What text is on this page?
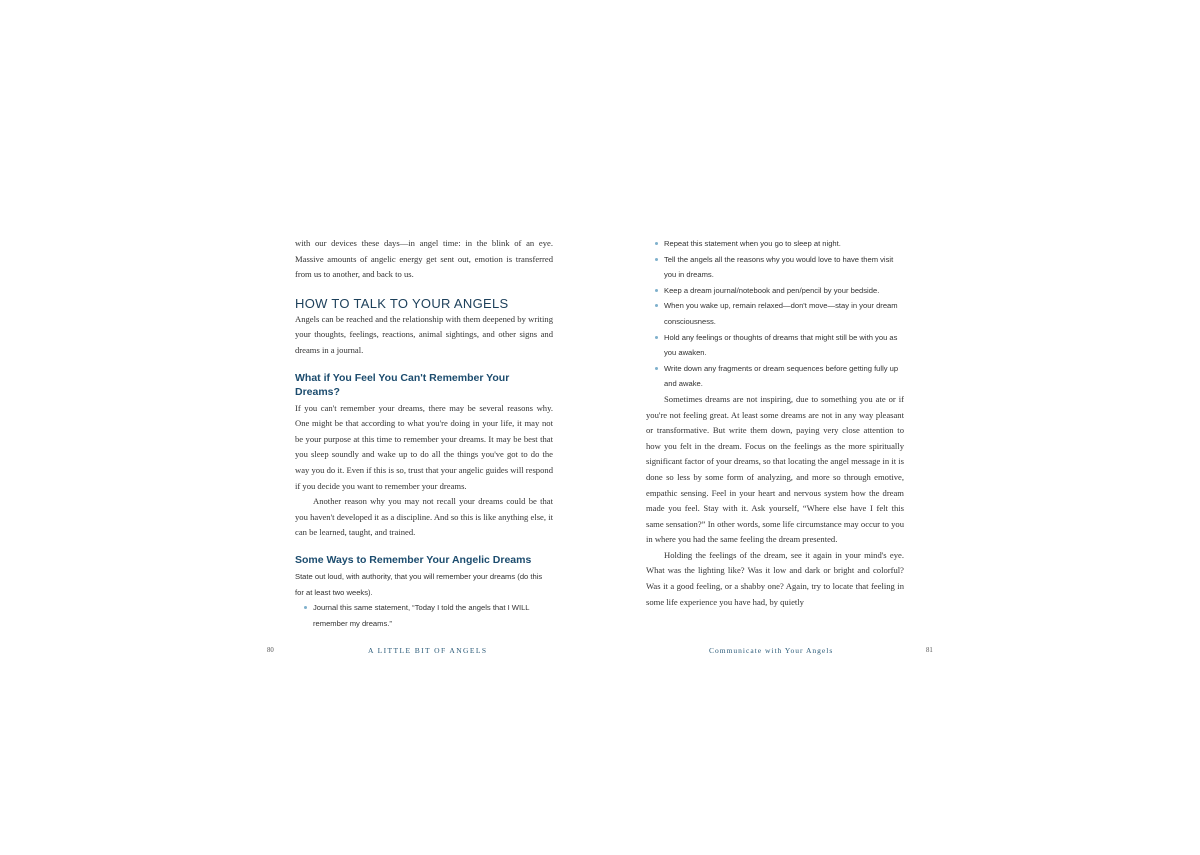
with our devices these days—in angel time: in the blink of an eye. Massive amounts of angelic energy get sent out, emotion is transferred from us to another, and back to us.

HOW TO TALK TO YOUR ANGELS

Angels can be reached and the relationship with them deepened by writing your thoughts, feelings, reactions, animal sightings, and other signs and dreams in a journal.

What if You Feel You Can't Remember Your Dreams?

If you can't remember your dreams, there may be several reasons why. One might be that according to what you're doing in your life, it may not be your purpose at this time to remember your dreams. It may be best that you sleep soundly and wake up to do all the things you've got to do the way you do it. Even if this is so, trust that your angelic guides will respond if you decide you want to remember your dreams.

Another reason why you may not recall your dreams could be that you haven't developed it as a discipline. And so this is like anything else, it can be learned, taught, and trained.

Some Ways to Remember Your Angelic Dreams

State out loud, with authority, that you will remember your dreams (do this for at least two weeks).

Journal this same statement, “Today I told the angels that I WILL remember my dreams.”
Repeat this statement when you go to sleep at night.
Tell the angels all the reasons why you would love to have them visit you in dreams.
Keep a dream journal/notebook and pen/pencil by your bedside.
When you wake up, remain relaxed—don't move—stay in your dream consciousness.
Hold any feelings or thoughts of dreams that might still be with you as you awaken.
Write down any fragments or dream sequences before getting fully up and awake.

Sometimes dreams are not inspiring, due to something you ate or if you're not feeling great. At least some dreams are not in any way pleasant or transformative. But write them down, paying very close attention to how you felt in the dream. Focus on the feelings as the more spiritually significant factor of your dreams, so that locating the angel message in it is done so less by some form of analyzing, and more so through emotive, empathic sensing. Feel in your heart and nervous system how the dream made you feel. Stay with it. Ask yourself, “Where else have I felt this same sensation?” In other words, some life circumstance may occur to you in where you had the same feeling the dream presented.

Holding the feelings of the dream, see it again in your mind's eye. What was the lighting like? Was it low and dark or bright and colorful? Was it a good feeling, or a shabby one? Again, try to locate that feeling in some life experience you have had, by quietly

80	A LITTLE BIT OF ANGELS	Communicate with Your Angels	81
